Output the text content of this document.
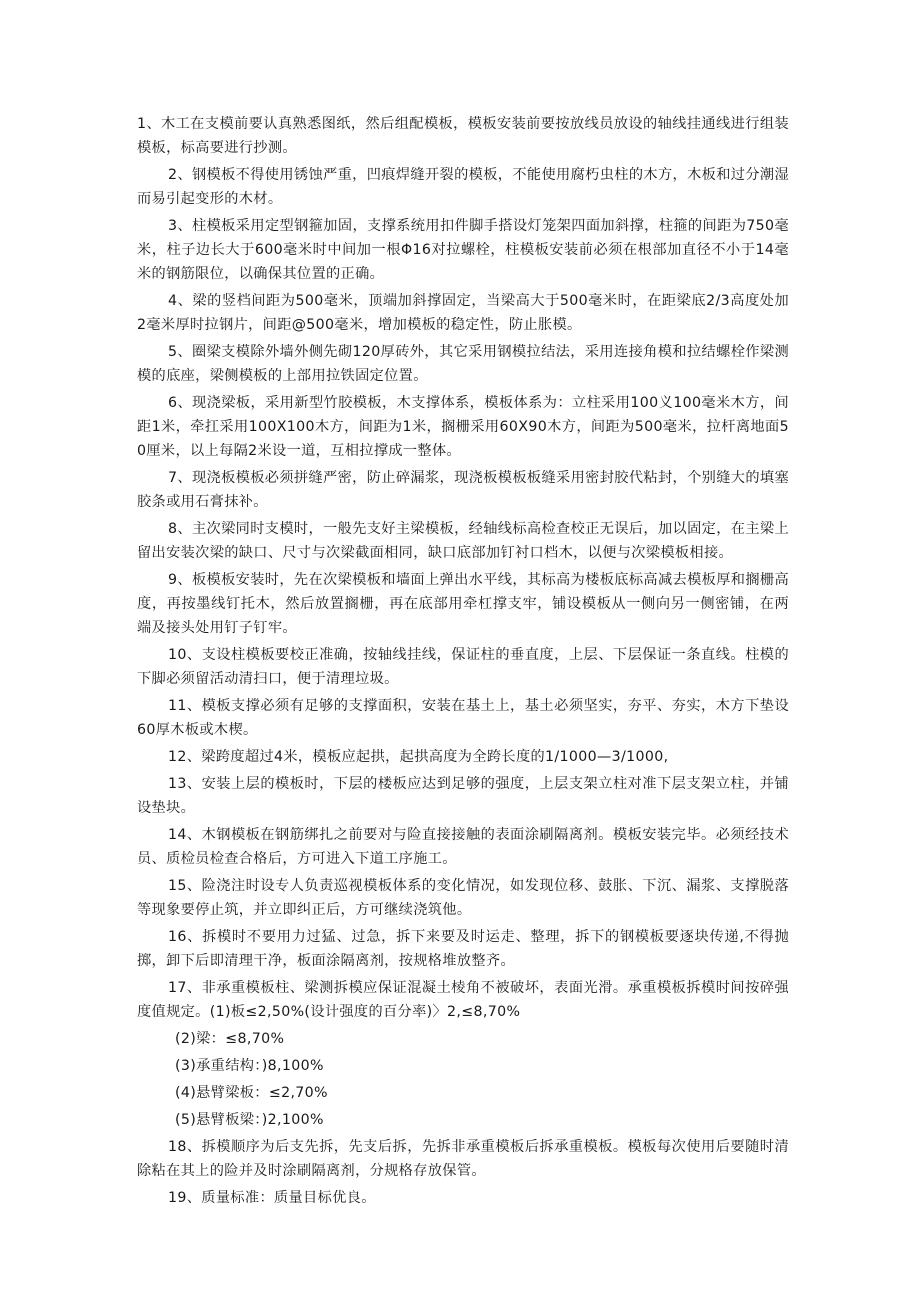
1、木工在支模前要认真熟悉图纸，然后组配模板，模板安装前要按放线员放设的轴线挂通线进行组装模板，标高要进行抄测。

2、钢模板不得使用锈蚀严重，凹痕焊缝开裂的模板，不能使用腐朽虫柱的木方，木板和过分潮湿而易引起变形的木材。

3、柱模板采用定型钢箍加固，支撑系统用扣件脚手搭设灯笼架四面加斜撑，柱箍的间距为750毫米，柱子边长大于600毫米时中间加一根Φ16对拉螺栓，柱模板安装前必须在根部加直径不小于14毫米的钢筋限位，以确保其位置的正确。

4、梁的竖档间距为500毫米，顶端加斜撑固定，当梁高大于500毫米时，在距梁底2/3高度处加2毫米厚时拉钢片，间距@500毫米，增加模板的稳定性，防止胀模。

5、圈梁支模除外墙外侧先砌120厚砖外，其它采用钢模拉结法，采用连接角模和拉结螺栓作梁测模的底座，梁侧模板的上部用拉铁固定位置。

6、现浇梁板，采用新型竹胶模板，木支撑体系，模板体系为：立柱采用100义100毫米木方，间距1米，牵扛采用100X100木方，间距为1米，搁栅采用60X90木方，间距为500毫米，拉杆离地面50厘米，以上每隔2米设一道，互相拉撑成一整体。

7、现浇板模板必须拼缝严密，防止碎漏浆，现浇板模板板缝采用密封胶代粘封，个别缝大的填塞胶条或用石膏抹补。

8、主次梁同时支模时，一般先支好主梁模板，经轴线标高检查校正无误后，加以固定，在主梁上留出安装次梁的缺口、尺寸与次梁截面相同，缺口底部加钉衬口档木，以便与次梁模板相接。

9、板模板安装时，先在次梁模板和墙面上弹出水平线，其标高为楼板底标高减去模板厚和搁栅高度，再按墨线钉托木，然后放置搁栅，再在底部用牵杠撑支牢，铺设模板从一侧向另一侧密铺，在两端及接头处用钉子钉牢。

10、支设柱模板要校正准确，按轴线挂线，保证柱的垂直度，上层、下层保证一条直线。柱模的下脚必须留活动清扫口，便于清理垃圾。

11、模板支撑必须有足够的支撑面积，安装在基土上，基土必须坚实，夯平、夯实，木方下垫设60厚木板或木楔。

12、梁跨度超过4米，模板应起拱，起拱高度为全跨长度的1/1000—3/1000,

13、安装上层的模板时，下层的楼板应达到足够的强度，上层支架立柱对准下层支架立柱，并铺设垫块。

14、木钢模板在钢筋绑扎之前要对与险直接接触的表面涂刷隔离剂。模板安装完毕。必须经技术员、质检员检查合格后，方可进入下道工序施工。

15、险浇注时设专人负责巡视模板体系的变化情况，如发现位移、鼓胀、下沉、漏浆、支撑脱落等现象要停止筑，并立即纠正后，方可继续浇筑他。

16、拆模时不要用力过猛、过急，拆下来要及时运走、整理，拆下的钢模板要逐块传递,不得抛掷，卸下后即清理干净，板面涂隔离剂，按规格堆放整齐。

17、非承重模板柱、梁测拆模应保证混凝土棱角不被破坏，表面光滑。承重模板拆模时间按碎强度值规定。(1)板≤2,50%(设计强度的百分率)〉2,≤8,70%

(2)梁：≤8,70%

(3)承重结构：)8,100%

(4)悬臂梁板：≤2,70%

(5)悬臂板梁：)2,100%

18、拆模顺序为后支先拆，先支后拆，先拆非承重模板后拆承重模板。模板每次使用后要随时清除粘在其上的险并及时涂刷隔离剂，分规格存放保管。

19、质量标准：质量目标优良。
